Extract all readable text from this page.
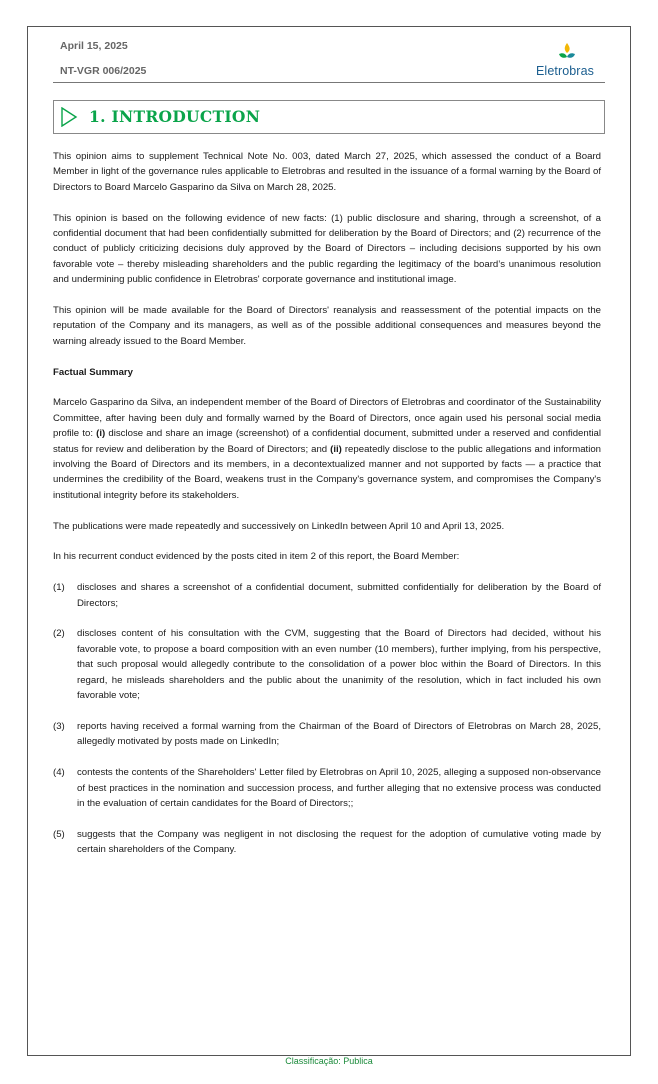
April 15, 2025
NT-VGR 006/2025	Eletrobras
1. INTRODUCTION

This opinion aims to supplement Technical Note No. 003, dated March 27, 2025, which assessed the conduct of a Board Member in light of the governance rules applicable to Eletrobras and resulted in the issuance of a formal warning by the Board of Directors to Board Marcelo Gasparino da Silva on March 28, 2025.

This opinion is based on the following evidence of new facts: (1) public disclosure and sharing, through a screenshot, of a confidential document that had been confidentially submitted for deliberation by the Board of Directors; and (2) recurrence of the conduct of publicly criticizing decisions duly approved by the Board of Directors – including decisions supported by his own favorable vote – thereby misleading shareholders and the public regarding the legitimacy of the board’s unanimous resolution and undermining public confidence in Eletrobras' corporate governance and institutional image.

This opinion will be made available for the Board of Directors' reanalysis and reassessment of the potential impacts on the reputation of the Company and its managers, as well as of the possible additional consequences and measures beyond the warning already issued to the Board Member.

Factual Summary

Marcelo Gasparino da Silva, an independent member of the Board of Directors of Eletrobras and coordinator of the Sustainability Committee, after having been duly and formally warned by the Board of Directors, once again used his personal social media profile to: (i) disclose and share an image (screenshot) of a confidential document, submitted under a reserved and confidential status for review and deliberation by the Board of Directors; and (ii) repeatedly disclose to the public allegations and information involving the Board of Directors and its members, in a decontextualized manner and not supported by facts — a practice that undermines the credibility of the Board, weakens trust in the Company's governance system, and compromises the Company's institutional integrity before its stakeholders.

The publications were made repeatedly and successively on LinkedIn between April 10 and April 13, 2025.

In his recurrent conduct evidenced by the posts cited in item 2 of this report, the Board Member:

(1) discloses and shares a screenshot of a confidential document, submitted confidentially for deliberation by the Board of Directors;
(2) discloses content of his consultation with the CVM, suggesting that the Board of Directors had decided, without his favorable vote, to propose a board composition with an even number (10 members), further implying, from his perspective, that such proposal would allegedly contribute to the consolidation of a power bloc within the Board of Directors. In this regard, he misleads shareholders and the public about the unanimity of the resolution, which in fact included his own favorable vote;
(3) reports having received a formal warning from the Chairman of the Board of Directors of Eletrobras on March 28, 2025, allegedly motivated by posts made on LinkedIn;
(4) contests the contents of the Shareholders' Letter filed by Eletrobras on April 10, 2025, alleging a supposed non-observance of best practices in the nomination and succession process, and further alleging that no extensive process was conducted in the evaluation of certain candidates for the Board of Directors;;
(5) suggests that the Company was negligent in not disclosing the request for the adoption of cumulative voting made by certain shareholders of the Company.
Classificação: Publica
